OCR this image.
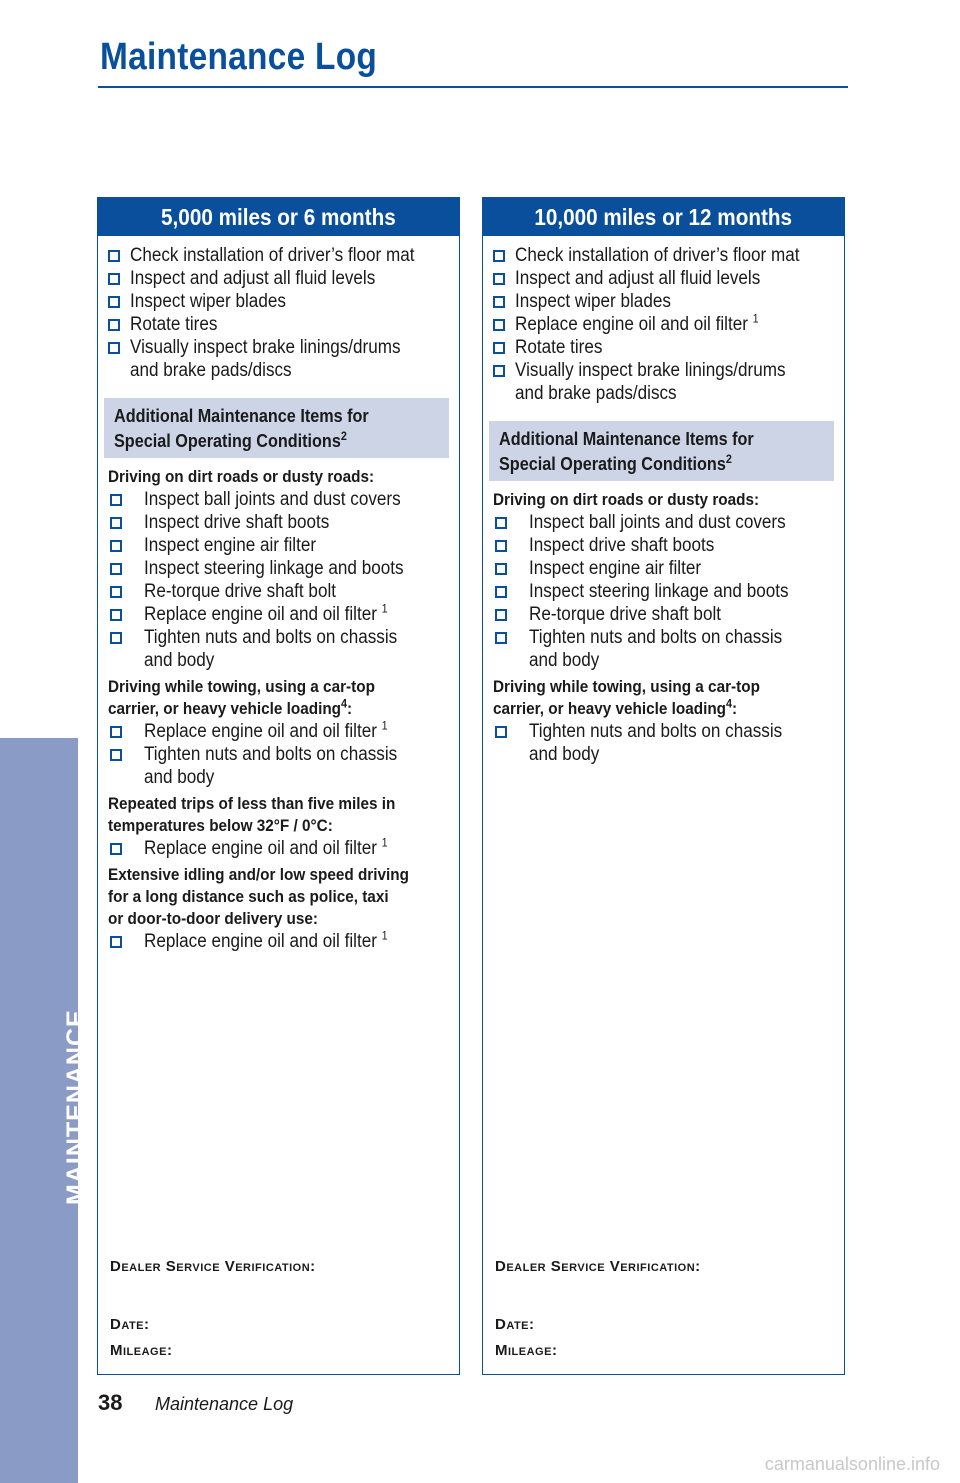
Maintenance Log
MAINTENANCE
5,000 miles or 6 months
Check installation of driver’s floor mat
Inspect and adjust all fluid levels
Inspect wiper blades
Rotate tires
Visually inspect brake linings/drums
and brake pads/discs
Additional Maintenance Items for
Special Operating Conditions$^2$
Driving on dirt roads or dusty roads:
Inspect ball joints and dust covers
Inspect drive shaft boots
Inspect engine air filter
Inspect steering linkage and boots
Re-torque drive shaft bolt
Replace engine oil and oil filter $^1$
Tighten nuts and bolts on chassis
and body
Driving while towing, using a car-top
carrier, or heavy vehicle loading$^4$:
Replace engine oil and oil filter $^1$
Tighten nuts and bolts on chassis
and body
Repeated trips of less than five miles in
temperatures below 32°F / 0°C:
Replace engine oil and oil filter $^1$
Extensive idling and/or low speed driving
for a long distance such as police, taxi
or door-to-door delivery use:
Replace engine oil and oil filter $^1$
Dealer Service Verification:
Date:
Mileage:
10,000 miles or 12 months
Check installation of driver’s floor mat
Inspect and adjust all fluid levels
Inspect wiper blades
Replace engine oil and oil filter $^1$
Rotate tires
Visually inspect brake linings/drums
and brake pads/discs
Additional Maintenance Items for
Special Operating Conditions$^2$
Driving on dirt roads or dusty roads:
Inspect ball joints and dust covers
Inspect drive shaft boots
Inspect engine air filter
Inspect steering linkage and boots
Re-torque drive shaft bolt
Tighten nuts and bolts on chassis
and body
Driving while towing, using a car-top
carrier, or heavy vehicle loading$^4$:
Tighten nuts and bolts on chassis
and body
Dealer Service Verification:
Date:
Mileage:
38 Maintenance Log
carmanualsonline.info
